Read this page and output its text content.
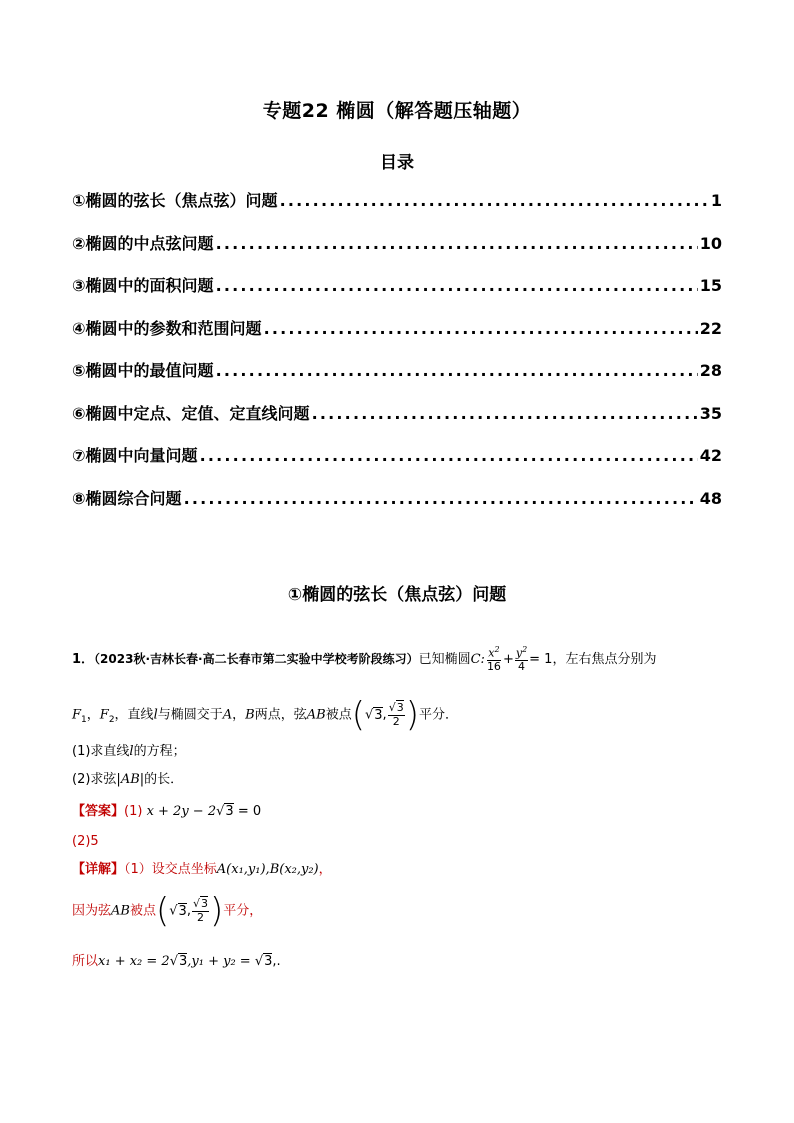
专题22 椭圆（解答题压轴题）
目录
①椭圆的弦长（焦点弦）问题 .....	1
②椭圆的中点弦问题 .....	10
③椭圆中的面积问题 .....	15
④椭圆中的参数和范围问题 .....	22
⑤椭圆中的最值问题 .....	28
⑥椭圆中定点、定值、定直线问题 .....	35
⑦椭圆中向量问题 .....	42
⑧椭圆综合问题 .....	48
①椭圆的弦长（焦点弦）问题
1．（2023秋·吉林长春·高二长春市第二实验中学校考阶段练习）已知椭圆C: $\frac{x^2}{16} + \frac{y^2}{4} = 1$，左右焦点分别为
$F_1$，$F_2$，直线l与椭圆交于A，B两点，弦AB被点(√3, $\frac{√3}{2}$ )平分．
(1)求直线l的方程；
(2)求弦|AB|的长．
【答案】(1) x + 2y − 2√3 = 0
(2)5
【详解】（1）设交点坐标A(x₁,y₁),B(x₂,y₂)，
因为弦AB被点(√3, $\frac{√3}{2}$ )平分，
所以x₁ + x₂ = 2√3,y₁ + y₂ = √3,.
